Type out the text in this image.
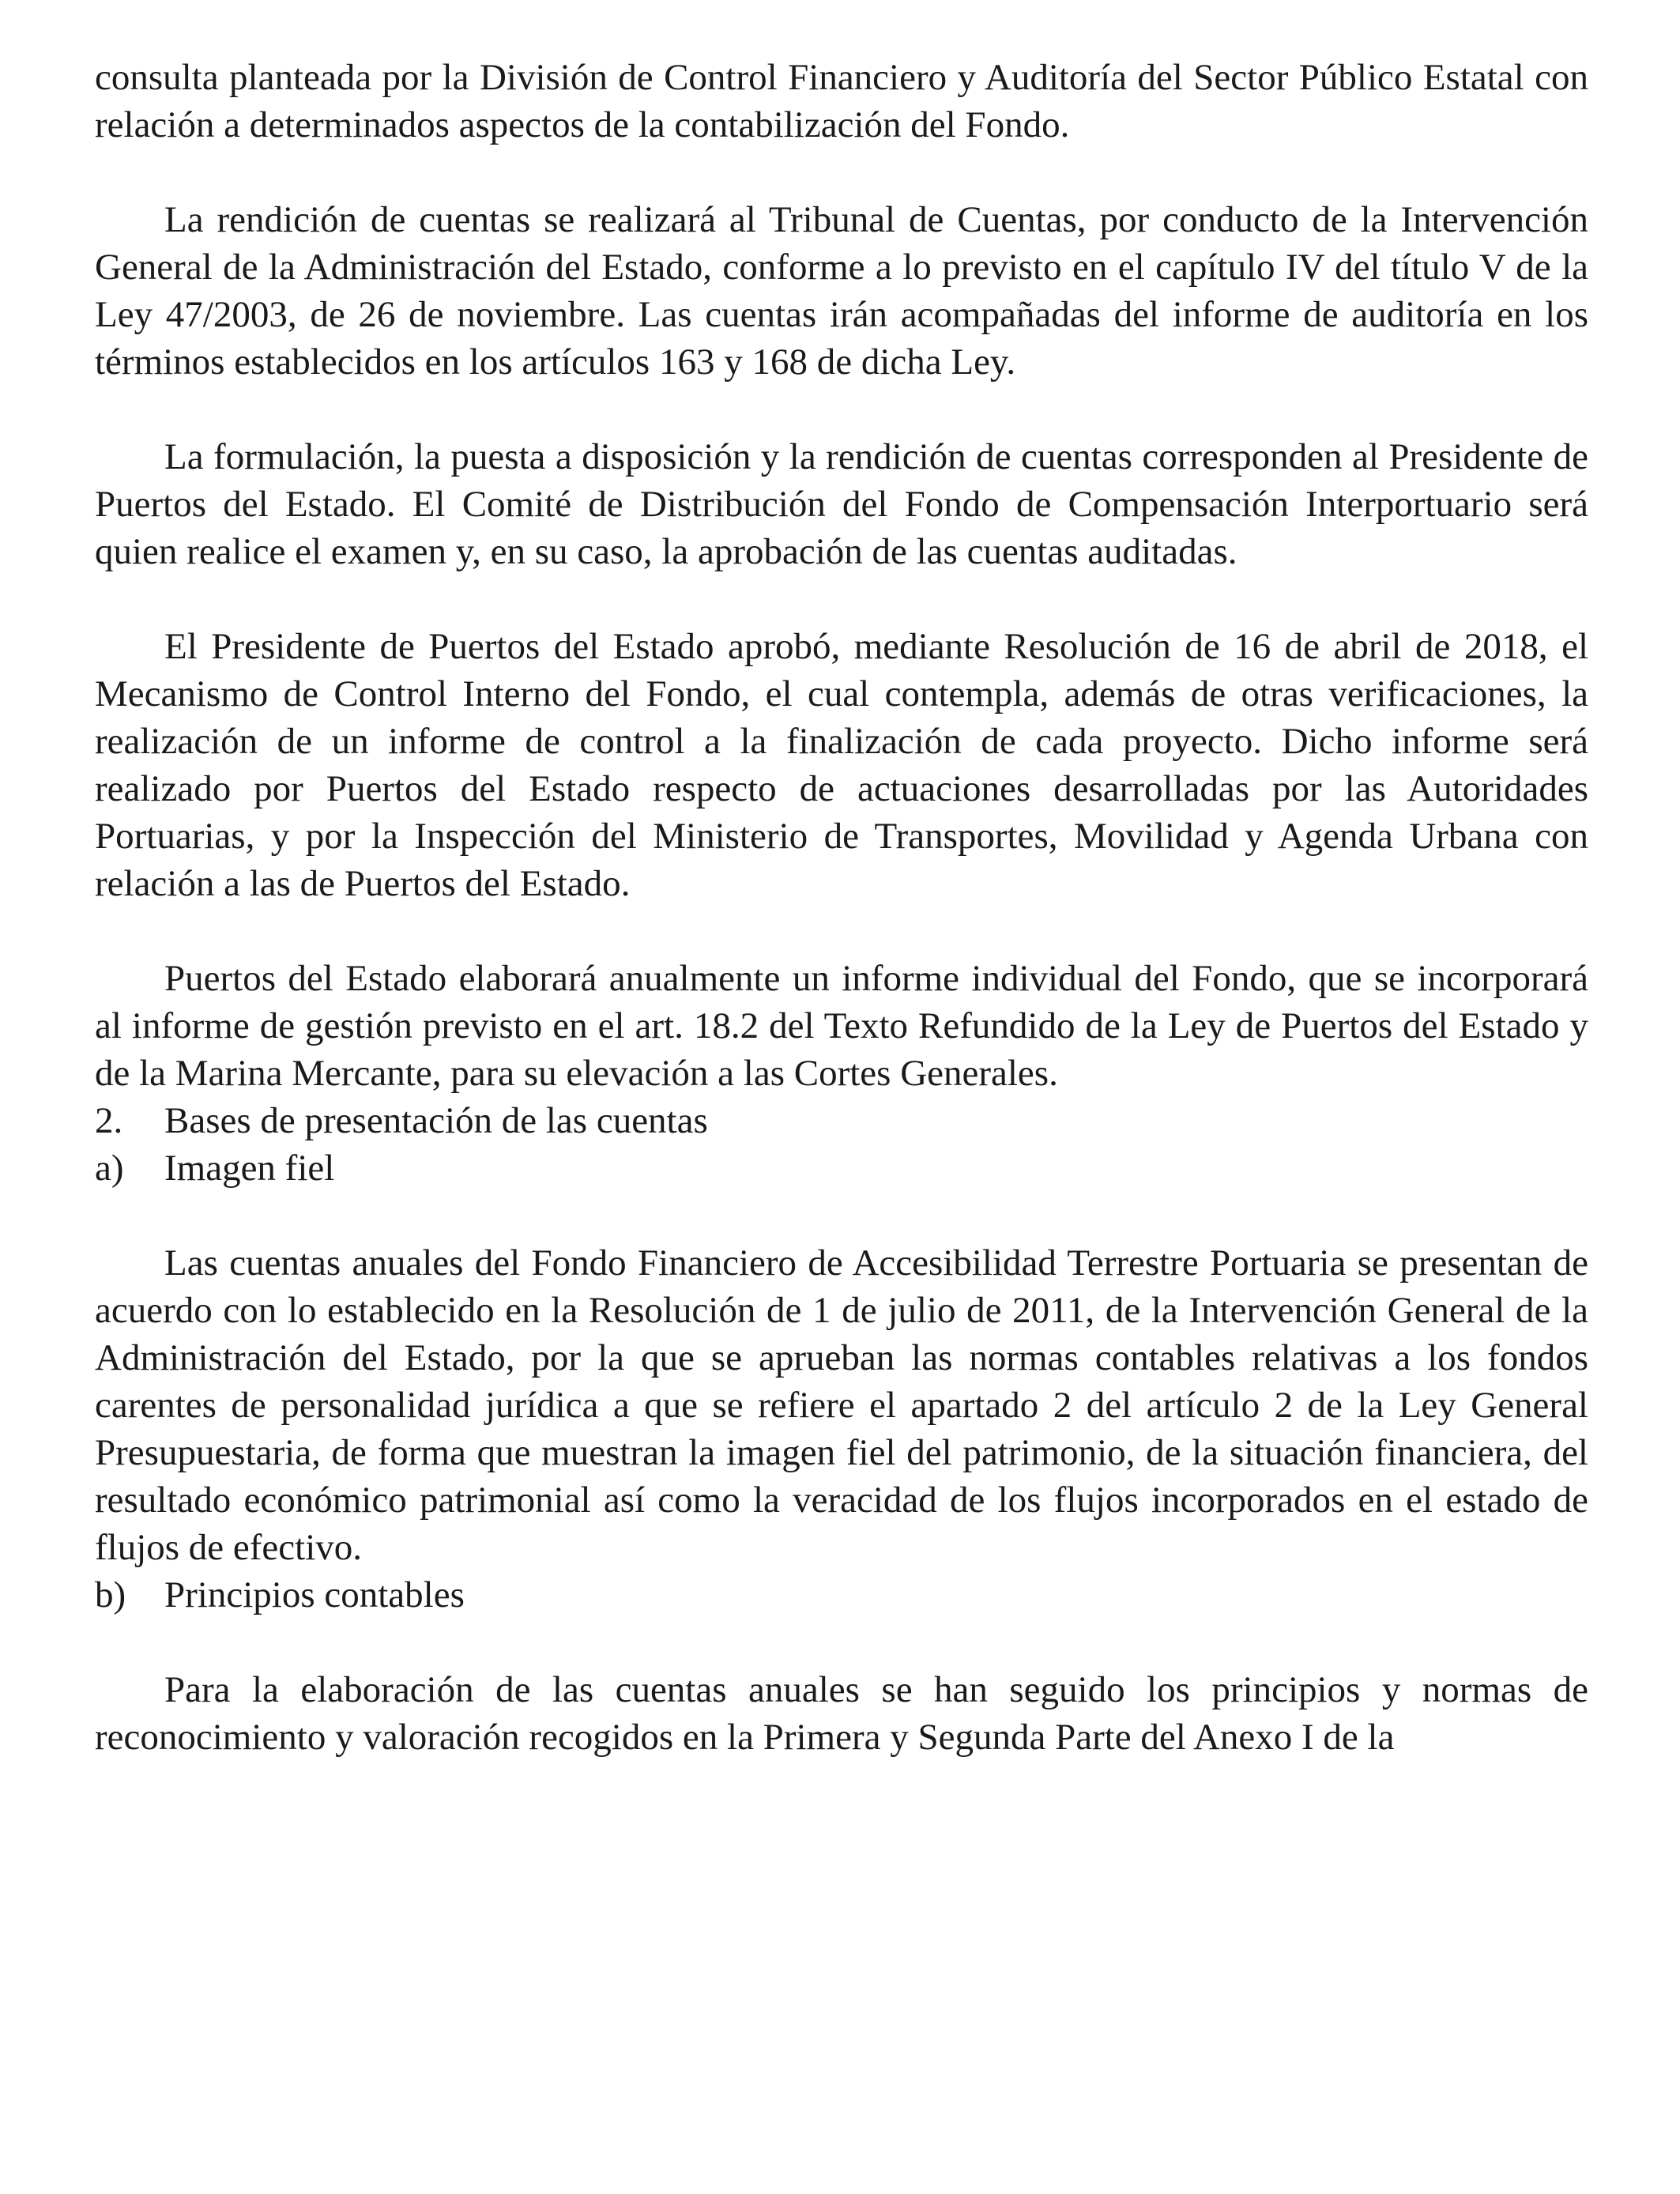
consulta planteada por la División de Control Financiero y Auditoría del Sector Público Estatal con relación a determinados aspectos de la contabilización del Fondo.

La rendición de cuentas se realizará al Tribunal de Cuentas, por conducto de la Intervención General de la Administración del Estado, conforme a lo previsto en el capítulo IV del título V de la Ley 47/2003, de 26 de noviembre. Las cuentas irán acompañadas del informe de auditoría en los términos establecidos en los artículos 163 y 168 de dicha Ley.

La formulación, la puesta a disposición y la rendición de cuentas corresponden al Presidente de Puertos del Estado. El Comité de Distribución del Fondo de Compensación Interportuario será quien realice el examen y, en su caso, la aprobación de las cuentas auditadas.

El Presidente de Puertos del Estado aprobó, mediante Resolución de 16 de abril de 2018, el Mecanismo de Control Interno del Fondo, el cual contempla, además de otras verificaciones, la realización de un informe de control a la finalización de cada proyecto. Dicho informe será realizado por Puertos del Estado respecto de actuaciones desarrolladas por las Autoridades Portuarias, y por la Inspección del Ministerio de Transportes, Movilidad y Agenda Urbana con relación a las de Puertos del Estado.

Puertos del Estado elaborará anualmente un informe individual del Fondo, que se incorporará al informe de gestión previsto en el art. 18.2 del Texto Refundido de la Ley de Puertos del Estado y de la Marina Mercante, para su elevación a las Cortes Generales.

2.	Bases de presentación de las cuentas
a)	Imagen fiel

Las cuentas anuales del Fondo Financiero de Accesibilidad Terrestre Portuaria se presentan de acuerdo con lo establecido en la Resolución de 1 de julio de 2011, de la Intervención General de la Administración del Estado, por la que se aprueban las normas contables relativas a los fondos carentes de personalidad jurídica a que se refiere el apartado 2 del artículo 2 de la Ley General Presupuestaria, de forma que muestran la imagen fiel del patrimonio, de la situación financiera, del resultado económico patrimonial así como la veracidad de los flujos incorporados en el estado de flujos de efectivo.

b)	Principios contables

Para la elaboración de las cuentas anuales se han seguido los principios y normas de reconocimiento y valoración recogidos en la Primera y Segunda Parte del Anexo I de la
